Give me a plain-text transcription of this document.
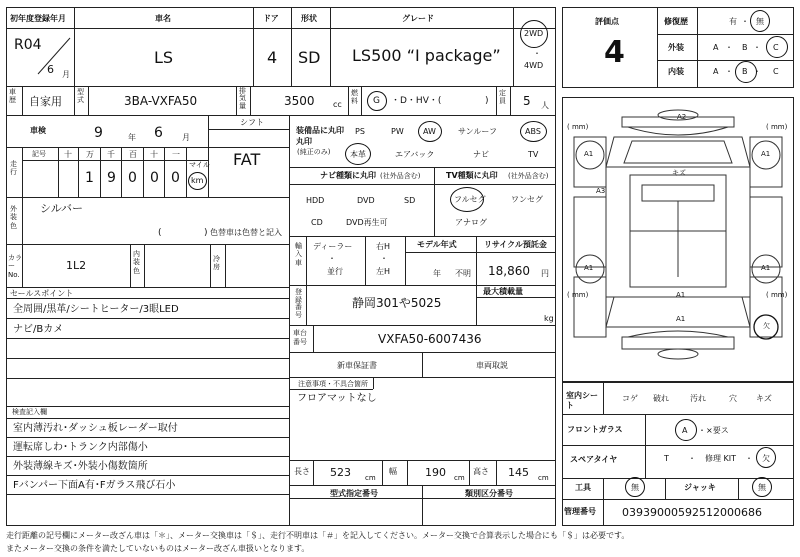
初年度登録年月
R04
6 月
車名
LS
ドア
4
形状
SD
グレード
LS500 “I package”
2WD
・
4WD
車歴 自家用
型式	3BA-VXFA50
排気量	3500 cc
燃料	G ・D・HV・(	)
定員 5 人
車検	9	年 6 月
シフト
FAT
走行
記号 十 万 千 百 十 一
1 9 0 0 0
マイル
km
外装色
シルバー
(	) 色替車は色替と記入
カラーNo.
1L2
内装色
冷房
セールスポイント
全周囲/黒革/シートヒーター/3眼LED
ナビ/Bカメ
検査記入欄
室内薄汚れ･ダッシュ板レーダー取付
運転席しわ･トランク内部傷小
外装薄線キズ･外装小傷数箇所
Fバンパー下面A有･Fガラス飛び石小
装備品に丸印
(純正のみ)
丸印
PS	PW AW	サンルーフ	ABS
本革	エアバック	ナビ	TV
ナビ種類に丸印 (社外品含む)
HDD	DVD	SD
CD	DVD再生可
TV種類に丸印 (社外品含む)
フルセグ	ワンセグ
アナログ
輸入車
ディーラー
・
並行
右H
・
左H
モデル年式
年 不明
リサイクル預託金
18,860 円
登録番号
静岡301や5025
最大積載量
kg
車台番号	VXFA50-6007436
新車保証書	車両取説
注意事項・不具合箇所
フロアマットなし
長さ 523 cm
幅	190 cm
高さ 145 cm
型式指定番号	類別区分番号
評価点
4
修復歴	有 ・ 無
外装	A ・ B ・ C
内装	A ・ B ・ C
A2
A1	A1
A3
A1	A1
A1
A1
キズ
欠
( mm)	( mm)
( mm)	( mm)
室内シート
コゲ 破れ	汚れ	穴 キズ
フロントガラス	A ・×要ス
スペアタイヤ	T ・ 修理 KIT ・ 欠
工具	無	ジャッキ	無
管理番号 03939000592512000686
走行距離の記号欄にメーター改ざん車は「＊」、メーター交換車は「＄」、走行不明車は「＃」を記入してください。メーター交換で合算表示した場合にも「＄」は必要です。
またメーター交換の条件を満たしていないものはメーター改ざん車扱いとなります。
